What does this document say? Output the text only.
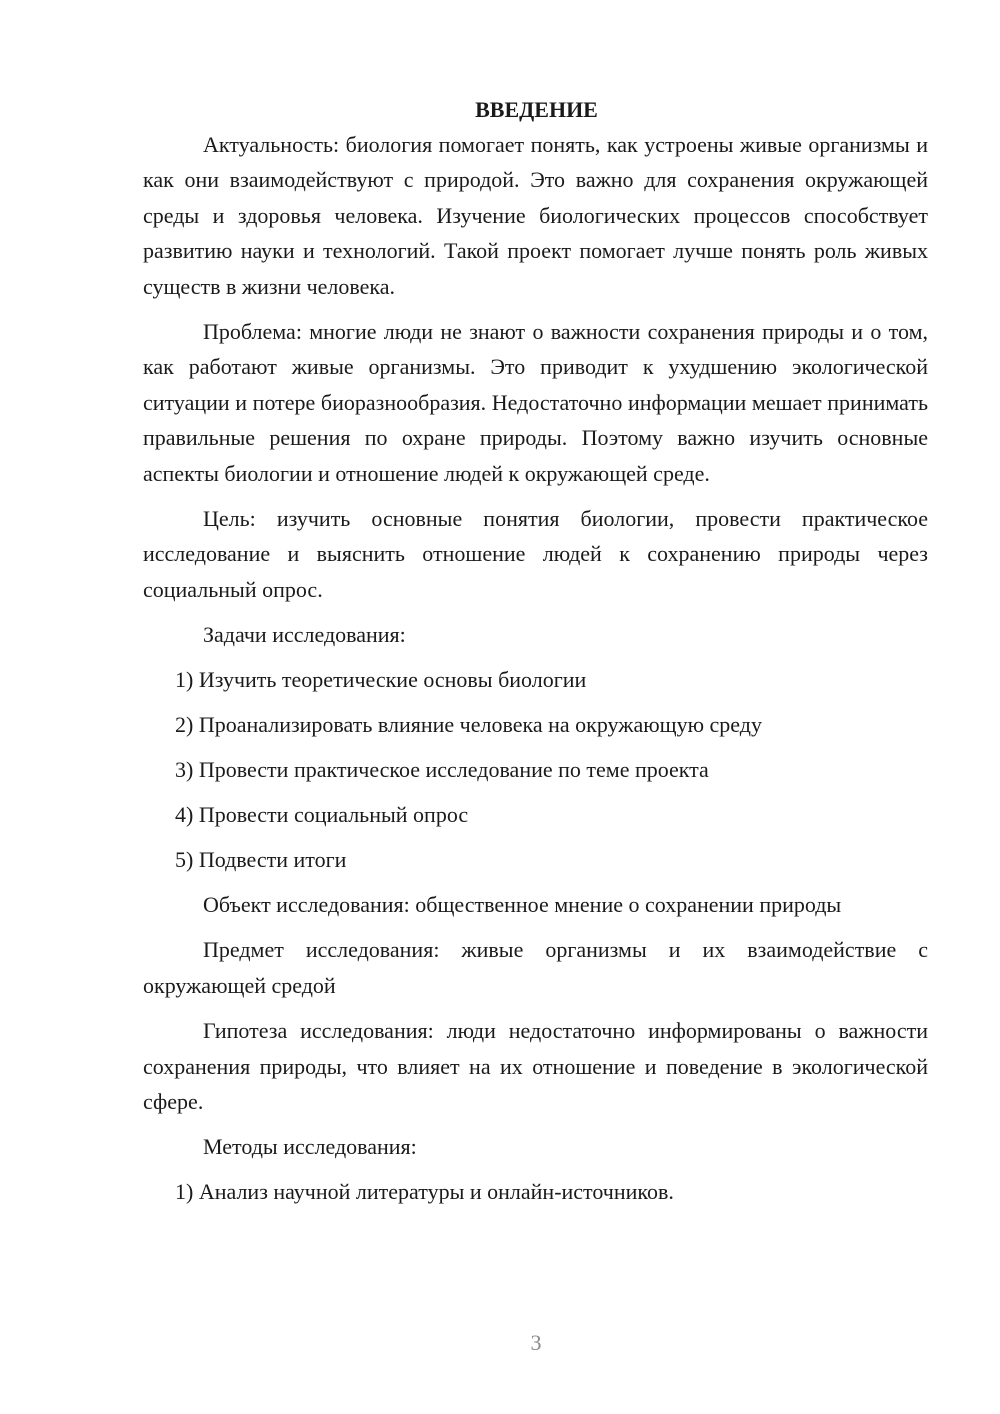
ВВЕДЕНИЕ

Актуальность: биология помогает понять, как устроены живые организмы и как они взаимодействуют с природой. Это важно для сохранения окружающей среды и здоровья человека. Изучение биологических процессов способствует развитию науки и технологий. Такой проект помогает лучше понять роль живых существ в жизни человека.

Проблема: многие люди не знают о важности сохранения природы и о том, как работают живые организмы. Это приводит к ухудшению экологической ситуации и потере биоразнообразия. Недостаточно информации мешает принимать правильные решения по охране природы. Поэтому важно изучить основные аспекты биологии и отношение людей к окружающей среде.

Цель: изучить основные понятия биологии, провести практическое исследование и выяснить отношение людей к сохранению природы через социальный опрос.

Задачи исследования:
1) Изучить теоретические основы биологии
2) Проанализировать влияние человека на окружающую среду
3) Провести практическое исследование по теме проекта
4) Провести социальный опрос
5) Подвести итоги
Объект исследования: общественное мнение о сохранении природы

Предмет исследования: живые организмы и их взаимодействие с окружающей средой

Гипотеза исследования: люди недостаточно информированы о важности сохранения природы, что влияет на их отношение и поведение в экологической сфере.

Методы исследования:
1) Анализ научной литературы и онлайн-источников.
3
